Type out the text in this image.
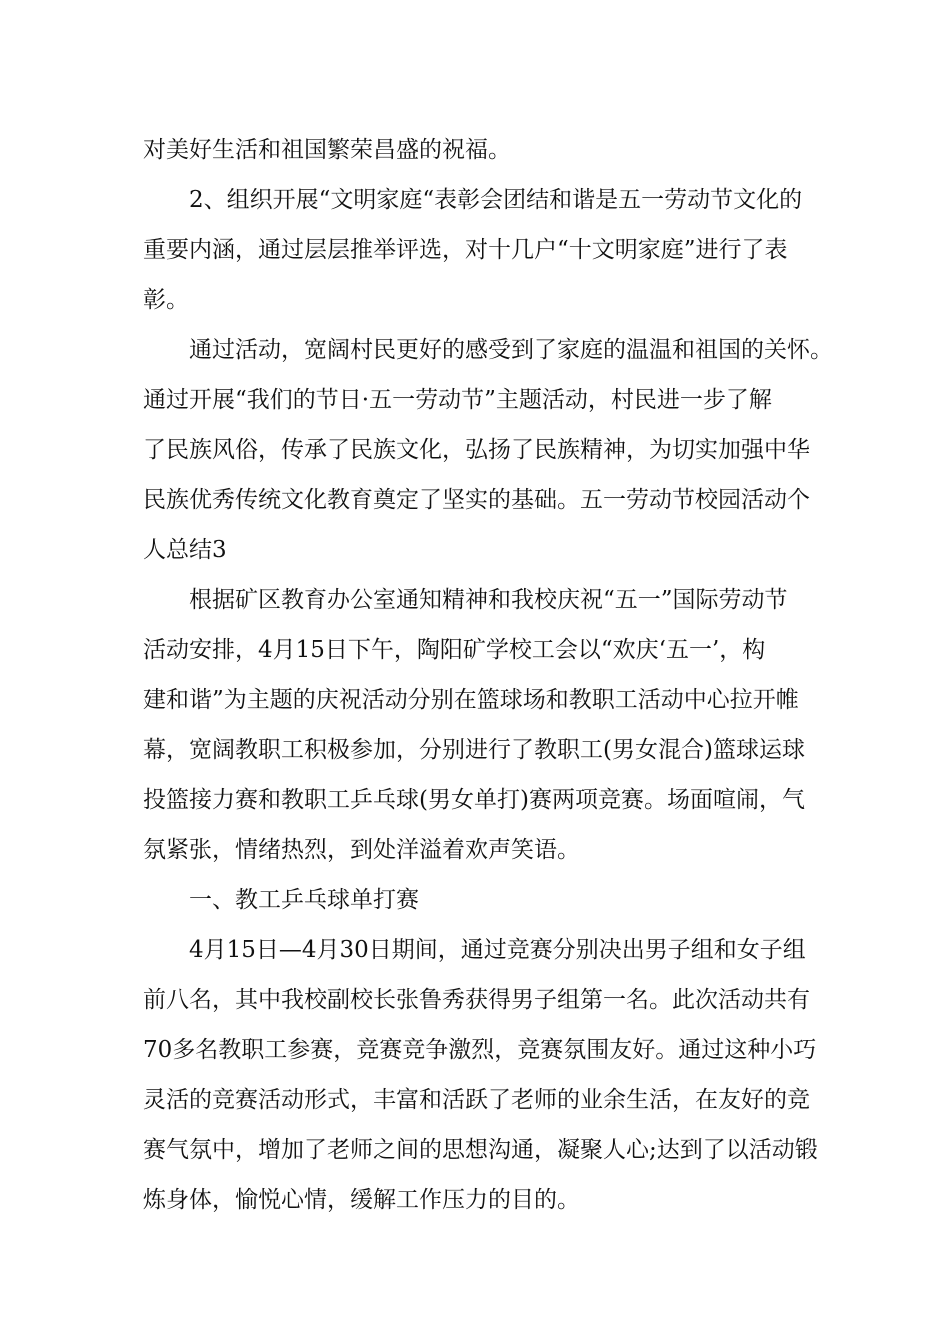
对美好生活和祖国繁荣昌盛的祝福。
2、组织开展“文明家庭“表彰会团结和谐是五一劳动节文化的
重要内涵，通过层层推举评选，对十几户“十文明家庭”进行了表
彰。
通过活动，宽阔村民更好的感受到了家庭的温温和祖国的关怀。
通过开展“我们的节日·五一劳动节”主题活动，村民进一步了解
了民族风俗，传承了民族文化，弘扬了民族精神，为切实加强中华
民族优秀传统文化教育奠定了坚实的基础。五一劳动节校园活动个
人总结3
根据矿区教育办公室通知精神和我校庆祝“五一”国际劳动节
活动安排，4月15日下午，陶阳矿学校工会以“欢庆‘五一’，构
建和谐”为主题的庆祝活动分别在篮球场和教职工活动中心拉开帷
幕，宽阔教职工积极参加，分别进行了教职工(男女混合)篮球运球
投篮接力赛和教职工乒乓球(男女单打)赛两项竞赛。场面喧闹，气
氛紧张，情绪热烈，到处洋溢着欢声笑语。
一、教工乒乓球单打赛
4月15日—4月30日期间，通过竞赛分别决出男子组和女子组
前八名，其中我校副校长张鲁秀获得男子组第一名。此次活动共有
70多名教职工参赛，竞赛竞争激烈，竞赛氛围友好。通过这种小巧
灵活的竞赛活动形式，丰富和活跃了老师的业余生活，在友好的竞
赛气氛中，增加了老师之间的思想沟通，凝聚人心;达到了以活动锻
炼身体，愉悦心情，缓解工作压力的目的。
